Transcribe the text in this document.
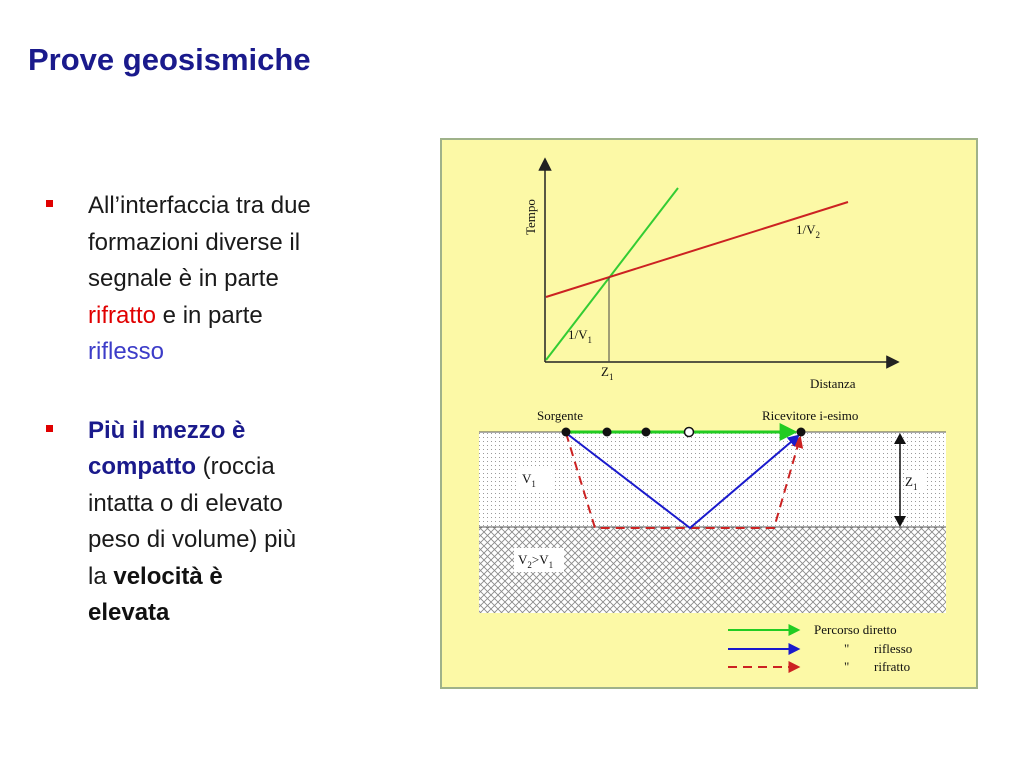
Prove geosismiche
All’interfaccia tra due
formazioni diverse il
segnale è in parte
rifratto e in parte
riflesso
Più il mezzo è
compatto (roccia
intatta o di elevato
peso di volume) più
la velocità è
elevata
Tempo
Distanza
$1/V_1$
$1/V_2$
$Z_1$
$V_1$
$V_2>V_1$
Sorgente	Ricevitore i-esimo
$Z_1$
Percorso diretto
" riflesso
" rifratto
